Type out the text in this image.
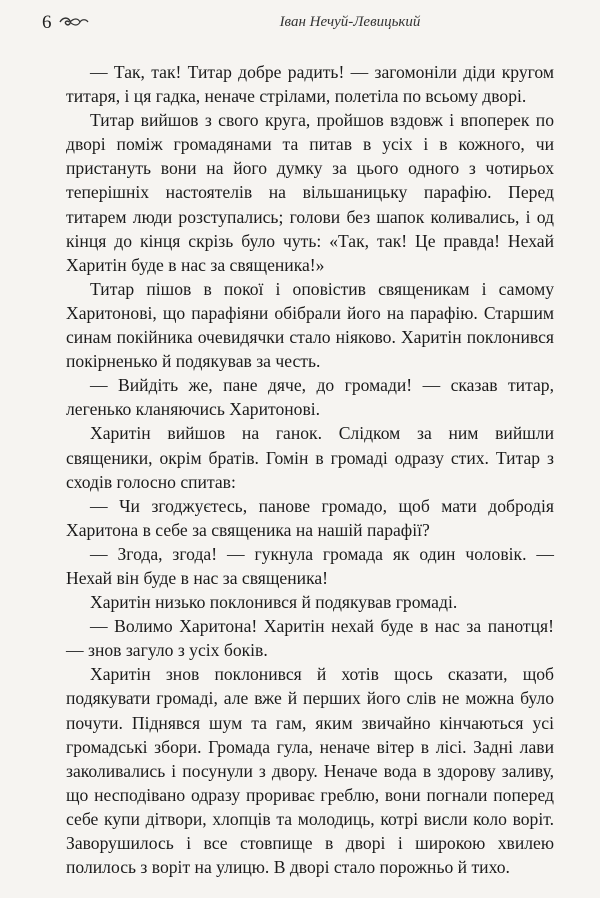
6	Іван Нечуй-Левицький

— Так, так! Титар добре радить! — загомоніли діди кругом титаря, і ця гадка, неначе стрілами, полетіла по всьому дворі.

Титар вийшов з свого круга, пройшов вздовж і впоперек по дворі поміж громадянами та питав в усіх і в кожного, чи пристануть вони на його думку за цього одного з чотирьох теперішніх настоятелів на вільшаницьку парафію. Перед титарем люди розступались; голови без шапок коливались, і од кінця до кінця скрізь було чуть: «Так, так! Це правда! Нехай Харитін буде в нас за священика!»

Титар пішов в покої і оповістив священикам і самому Харитонові, що парафіяни обібрали його на парафію. Старшим синам покійника очевидячки стало ніяково. Харитін поклонився покірненько й подякував за честь.

— Вийдіть же, пане дяче, до громади! — сказав титар, легенько кланяючись Харитонові.

Харитін вийшов на ганок. Слідком за ним вийшли священики, окрім братів. Гомін в громаді одразу стих. Титар з сходів голосно спитав:

— Чи згоджуєтесь, панове громадо, щоб мати добродія Харитона в себе за священика на нашій парафії?

— Згода, згода! — гукнула громада як один чоловік. — Нехай він буде в нас за священика!

Харитін низько поклонився й подякував громаді.

— Волимо Харитона! Харитін нехай буде в нас за панотця! — знов загуло з усіх боків.

Харитін знов поклонився й хотів щось сказати, щоб подякувати громаді, але вже й перших його слів не можна було почути. Піднявся шум та гам, яким звичайно кінчаються усі громадські збори. Громада гула, неначе вітер в лісі. Задні лави заколивались і посунули з двору. Неначе вода в здорову заливу, що несподівано одразу прориває греблю, вони погнали поперед себе купи дітвори, хлопців та молодиць, котрі висли коло воріт. Заворушилось і все стовпище в дворі і широкою хвилею полилось з воріт на улицю. В дворі стало порожньо й тихо.
